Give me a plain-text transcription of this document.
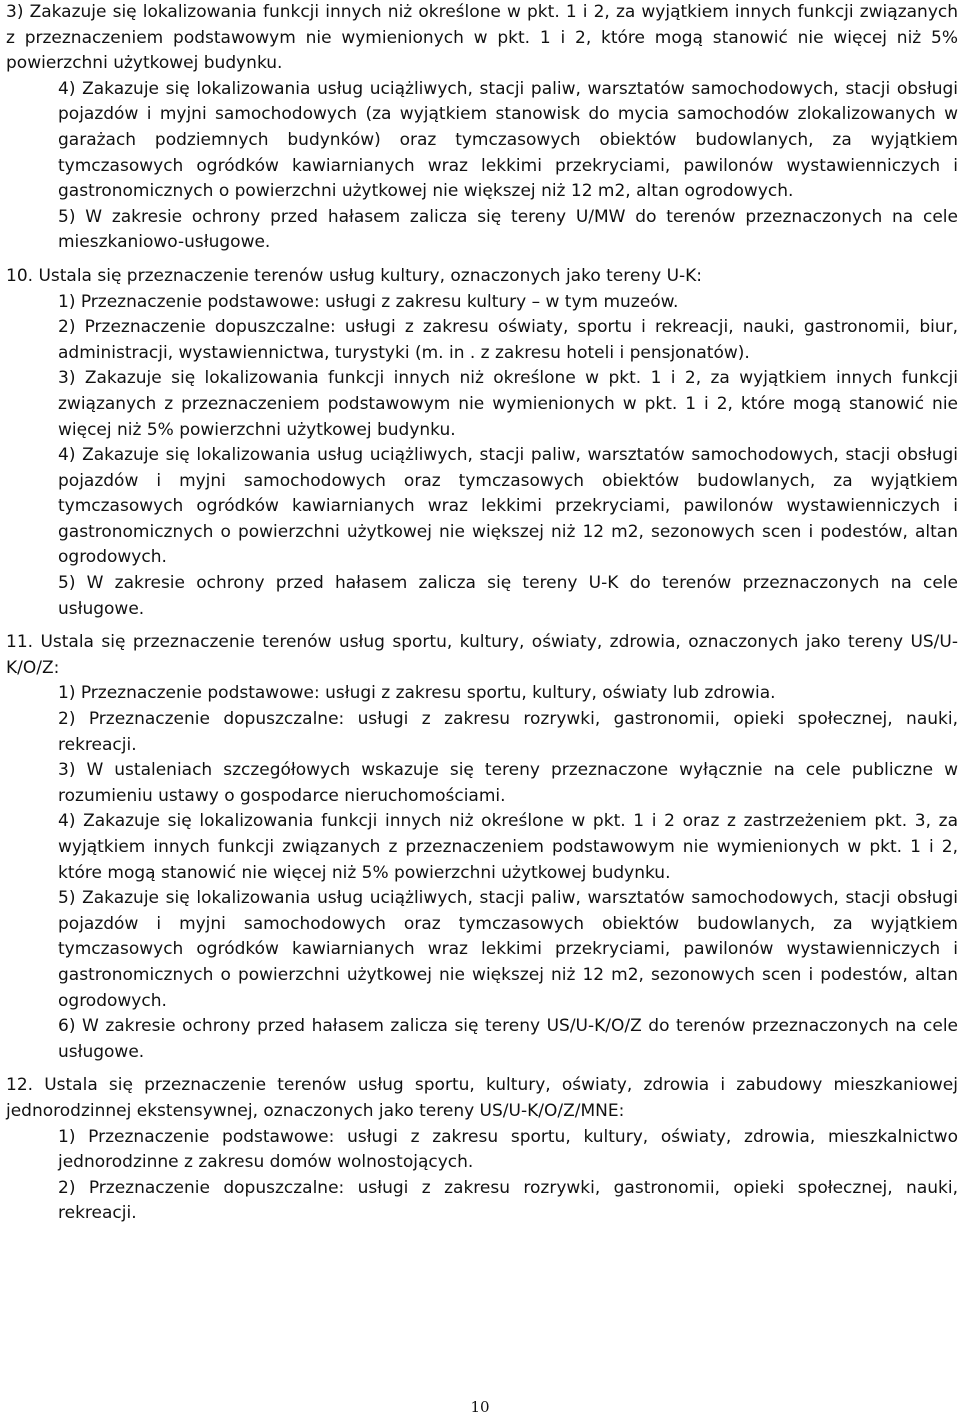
3) Zakazuje się lokalizowania funkcji innych niż określone w pkt. 1 i 2, za wyjątkiem innych funkcji związanych z przeznaczeniem podstawowym nie wymienionych w pkt. 1 i 2, które mogą stanowić nie więcej niż 5% powierzchni użytkowej budynku.

4) Zakazuje się lokalizowania usług uciążliwych, stacji paliw, warsztatów samochodowych, stacji obsługi pojazdów i myjni samochodowych (za wyjątkiem stanowisk do mycia samochodów zlokalizowanych w garażach podziemnych budynków) oraz tymczasowych obiektów budowlanych, za wyjątkiem tymczasowych ogródków kawiarnianych wraz lekkimi przekryciami, pawilonów wystawienniczych i gastronomicznych o powierzchni użytkowej nie większej niż 12 m2, altan ogrodowych.

5) W zakresie ochrony przed hałasem zalicza się tereny U/MW do terenów przeznaczonych na cele mieszkaniowo-usługowe.

10. Ustala się przeznaczenie terenów usług kultury, oznaczonych jako tereny U-K:

1) Przeznaczenie podstawowe: usługi z zakresu kultury – w tym muzeów.

2) Przeznaczenie dopuszczalne: usługi z zakresu oświaty, sportu i rekreacji, nauki, gastronomii, biur, administracji, wystawiennictwa, turystyki (m. in . z zakresu hoteli i pensjonatów).

3) Zakazuje się lokalizowania funkcji innych niż określone w pkt. 1 i 2, za wyjątkiem innych funkcji związanych z przeznaczeniem podstawowym nie wymienionych w pkt. 1 i 2, które mogą stanowić nie więcej niż 5% powierzchni użytkowej budynku.

4) Zakazuje się lokalizowania usług uciążliwych, stacji paliw, warsztatów samochodowych, stacji obsługi pojazdów i myjni samochodowych oraz tymczasowych obiektów budowlanych, za wyjątkiem tymczasowych ogródków kawiarnianych wraz lekkimi przekryciami, pawilonów wystawienniczych i gastronomicznych o powierzchni użytkowej nie większej niż 12 m2, sezonowych scen i podestów, altan ogrodowych.

5) W zakresie ochrony przed hałasem zalicza się tereny U-K do terenów przeznaczonych na cele usługowe.

11. Ustala się przeznaczenie terenów usług sportu, kultury, oświaty, zdrowia, oznaczonych jako tereny US/U-K/O/Z:

1) Przeznaczenie podstawowe: usługi z zakresu sportu, kultury, oświaty lub zdrowia.

2) Przeznaczenie dopuszczalne: usługi z zakresu rozrywki, gastronomii, opieki społecznej, nauki, rekreacji.

3) W ustaleniach szczegółowych wskazuje się tereny przeznaczone wyłącznie na cele publiczne w rozumieniu ustawy o gospodarce nieruchomościami.

4) Zakazuje się lokalizowania funkcji innych niż określone w pkt. 1 i 2 oraz z zastrzeżeniem pkt. 3, za wyjątkiem innych funkcji związanych z przeznaczeniem podstawowym nie wymienionych w pkt. 1 i 2, które mogą stanowić nie więcej niż 5% powierzchni użytkowej budynku.

5) Zakazuje się lokalizowania usług uciążliwych, stacji paliw, warsztatów samochodowych, stacji obsługi pojazdów i myjni samochodowych oraz tymczasowych obiektów budowlanych, za wyjątkiem tymczasowych ogródków kawiarnianych wraz lekkimi przekryciami, pawilonów wystawienniczych i gastronomicznych o powierzchni użytkowej nie większej niż 12 m2, sezonowych scen i podestów, altan ogrodowych.

6) W zakresie ochrony przed hałasem zalicza się tereny US/U-K/O/Z do terenów przeznaczonych na cele usługowe.

12. Ustala się przeznaczenie terenów usług sportu, kultury, oświaty, zdrowia i zabudowy mieszkaniowej jednorodzinnej ekstensywnej, oznaczonych jako tereny US/U-K/O/Z/MNE:

1) Przeznaczenie podstawowe: usługi z zakresu sportu, kultury, oświaty, zdrowia, mieszkalnictwo jednorodzinne z zakresu domów wolnostojących.

2) Przeznaczenie dopuszczalne: usługi z zakresu rozrywki, gastronomii, opieki społecznej, nauki, rekreacji.

10
